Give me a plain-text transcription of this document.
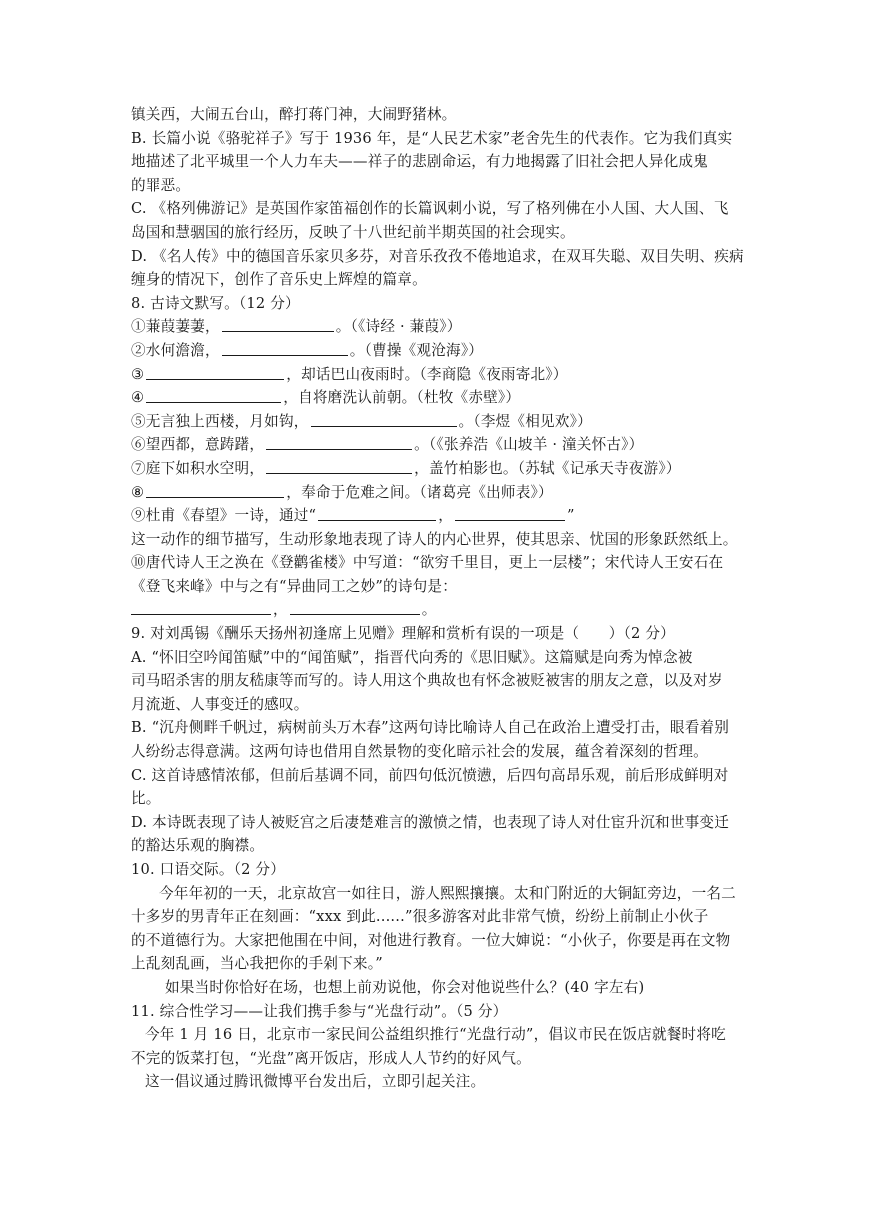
镇关西，大闹五台山，醉打蒋门神，大闹野猪林。
B. 长篇小说《骆驼祥子》写于 1936 年，是“人民艺术家”老舍先生的代表作。它为我们真实
地描述了北平城里一个人力车夫——祥子的悲剧命运，有力地揭露了旧社会把人异化成鬼
的罪恶。
C. 《格列佛游记》是英国作家笛福创作的长篇讽刺小说，写了格列佛在小人国、大人国、飞
岛国和慧骃国的旅行经历，反映了十八世纪前半期英国的社会现实。
D. 《名人传》中的德国音乐家贝多芬，对音乐孜孜不倦地追求，在双耳失聪、双目失明、疾病
缠身的情况下，创作了音乐史上辉煌的篇章。
8. 古诗文默写。（12 分）
①蒹葭萋萋，	。（《诗经 · 蒹葭》）
②水何澹澹，	。（曹操《观沧海》）
③	，却话巴山夜雨时。（李商隐《夜雨寄北》）
④	，自将磨洗认前朝。（杜牧《赤壁》）
⑤无言独上西楼，月如钩，	。（李煜《相见欢》）
⑥望西都，意踌躇，	。（《张养浩《山坡羊 · 潼关怀古》）
⑦庭下如积水空明，	，盖竹柏影也。（苏轼《记承天寺夜游》）
⑧	，奉命于危难之间。（诸葛亮《出师表》）
⑨杜甫《春望》一诗，通过“	，	”
这一动作的细节描写，生动形象地表现了诗人的内心世界，使其思亲、忧国的形象跃然纸上。
⑩唐代诗人王之涣在《登鹳雀楼》中写道：“欲穷千里目，更上一层楼”；宋代诗人王安石在
《登飞来峰》中与之有“异曲同工之妙”的诗句是：
，	。
9. 对刘禹锡《酬乐天扬州初逢席上见赠》理解和赏析有误的一项是（　　）（2 分）
A. “怀旧空吟闻笛赋”中的“闻笛赋”，指晋代向秀的《思旧赋》。这篇赋是向秀为悼念被
司马昭杀害的朋友嵇康等而写的。诗人用这个典故也有怀念被贬被害的朋友之意，以及对岁
月流逝、人事变迁的感叹。
B. “沉舟侧畔千帆过，病树前头万木春”这两句诗比喻诗人自己在政治上遭受打击，眼看着别
人纷纷志得意满。这两句诗也借用自然景物的变化暗示社会的发展，蕴含着深刻的哲理。
C. 这首诗感情浓郁，但前后基调不同，前四句低沉愤懑，后四句高昂乐观，前后形成鲜明对
比。
D. 本诗既表现了诗人被贬宫之后凄楚难言的激愤之情，也表现了诗人对仕宦升沉和世事变迁
的豁达乐观的胸襟。
10. 口语交际。（2 分）
今年年初的一天，北京故宫一如往日，游人熙熙攘攘。太和门附近的大铜缸旁边，一名二
十多岁的男青年正在刻画：“xxx 到此......”很多游客对此非常气愤，纷纷上前制止小伙子
的不道德行为。大家把他围在中间，对他进行教育。一位大婶说：“小伙子，你要是再在文物
上乱刻乱画，当心我把你的手剁下来。”
如果当时你恰好在场，也想上前劝说他，你会对他说些什么？(40 字左右)
11. 综合性学习——让我们携手参与“光盘行动”。（5 分）
今年 1 月 16 日，北京市一家民间公益组织推行“光盘行动”，倡议市民在饭店就餐时将吃
不完的饭菜打包，“光盘”离开饭店，形成人人节约的好风气。
这一倡议通过腾讯微博平台发出后，立即引起关注。
